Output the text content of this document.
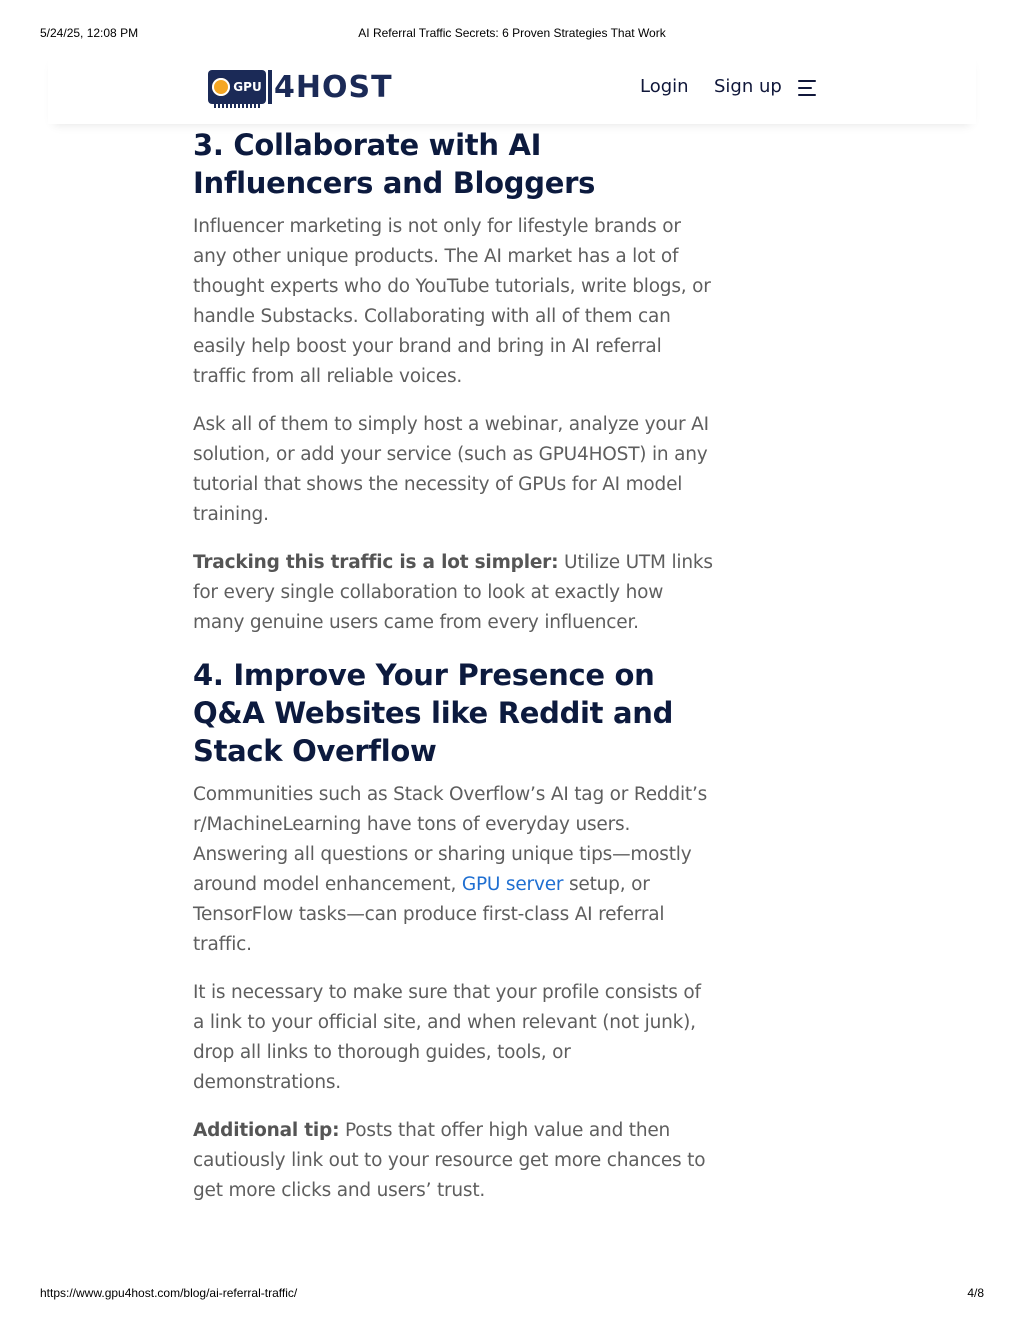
5/24/25, 12:08 PM	AI Referral Traffic Secrets: 6 Proven Strategies That Work
GPU 4HOST	Login Sign up
3. Collaborate with AI Influencers and Bloggers

Influencer marketing is not only for lifestyle brands or any other unique products. The AI market has a lot of thought experts who do YouTube tutorials, write blogs, or handle Substacks. Collaborating with all of them can easily help boost your brand and bring in AI referral traffic from all reliable voices.

Ask all of them to simply host a webinar, analyze your AI solution, or add your service (such as GPU4HOST) in any tutorial that shows the necessity of GPUs for AI model training.

Tracking this traffic is a lot simpler: Utilize UTM links for every single collaboration to look at exactly how many genuine users came from every influencer.

4. Improve Your Presence on Q&A Websites like Reddit and Stack Overflow

Communities such as Stack Overflow’s AI tag or Reddit’s r/MachineLearning have tons of everyday users. Answering all questions or sharing unique tips—mostly around model enhancement, GPU server setup, or TensorFlow tasks—can produce first-class AI referral traffic.

It is necessary to make sure that your profile consists of a link to your official site, and when relevant (not junk), drop all links to thorough guides, tools, or demonstrations.

Additional tip: Posts that offer high value and then cautiously link out to your resource get more chances to get more clicks and users’ trust.

https://www.gpu4host.com/blog/ai-referral-traffic/	4/8
